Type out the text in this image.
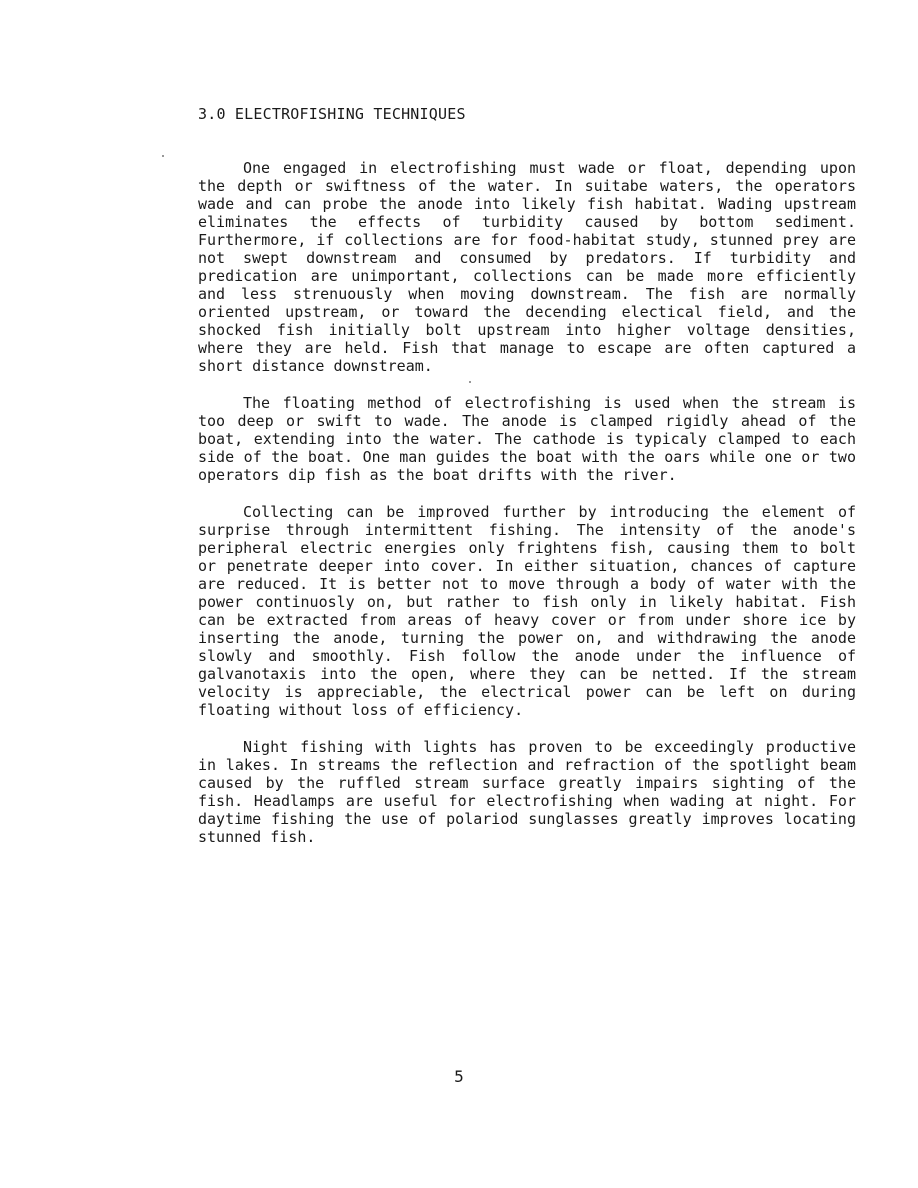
3.0 ELECTROFISHING TECHNIQUES

One engaged in electrofishing must wade or float, depending upon the depth or swiftness of the water. In suitabe waters, the operators wade and can probe the anode into likely fish habitat. Wading upstream eliminates the effects of turbidity caused by bottom sediment. Furthermore, if collections are for food-habitat study, stunned prey are not swept downstream and consumed by predators. If turbidity and predication are unimportant, collections can be made more efficiently and less strenuously when moving downstream. The fish are normally oriented upstream, or toward the decending electical field, and the shocked fish initially bolt upstream into higher voltage densities, where they are held. Fish that manage to escape are often captured a short distance downstream.

The floating method of electrofishing is used when the stream is too deep or swift to wade. The anode is clamped rigidly ahead of the boat, extending into the water. The cathode is typicaly clamped to each side of the boat. One man guides the boat with the oars while one or two operators dip fish as the boat drifts with the river.

Collecting can be improved further by introducing the element of surprise through intermittent fishing. The intensity of the anode's peripheral electric energies only frightens fish, causing them to bolt or penetrate deeper into cover. In either situation, chances of capture are reduced. It is better not to move through a body of water with the power continuosly on, but rather to fish only in likely habitat. Fish can be extracted from areas of heavy cover or from under shore ice by inserting the anode, turning the power on, and withdrawing the anode slowly and smoothly. Fish follow the anode under the influence of galvanotaxis into the open, where they can be netted. If the stream velocity is appreciable, the electrical power can be left on during floating without loss of efficiency.

Night fishing with lights has proven to be exceedingly productive in lakes. In streams the reflection and refraction of the spotlight beam caused by the ruffled stream surface greatly impairs sighting of the fish. Headlamps are useful for electrofishing when wading at night. For daytime fishing the use of polariod sunglasses greatly improves locating stunned fish.

5
